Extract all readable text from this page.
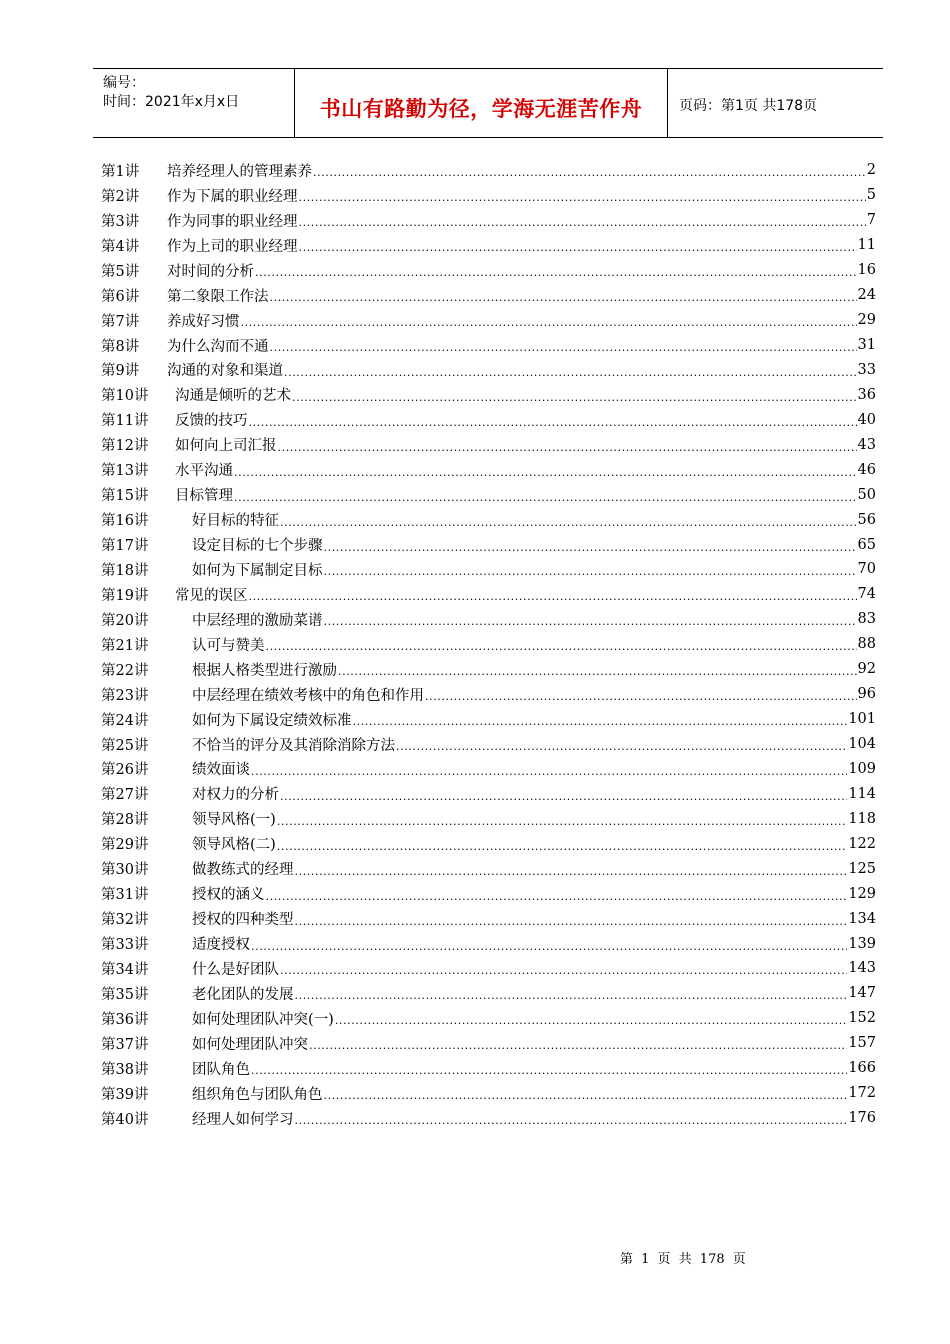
编号：
时间：2021年x月x日	书山有路勤为径，学海无涯苦作舟	页码：第1页 共178页
第1讲	培养经理人的管理素养 .....	2
第2讲	作为下属的职业经理 .....	5
第3讲	作为同事的职业经理 .....	7
第4讲	作为上司的职业经理 .....	11
第5讲	对时间的分析 .....	16
第6讲	第二象限工作法 .....	24
第7讲	养成好习惯 .....	29
第8讲	为什么沟而不通 .....	31
第9讲	沟通的对象和渠道 .....	33
第10讲	沟通是倾听的艺术 .....	36
第11讲	反馈的技巧 .....	40
第12讲	如何向上司汇报 .....	43
第13讲	水平沟通 .....	46
第15讲	目标管理 .....	50
第16讲	好目标的特征 .....	56
第17讲	设定目标的七个步骤 .....	65
第18讲	如何为下属制定目标 .....	70
第19讲	常见的误区 .....	74
第20讲	中层经理的激励菜谱 .....	83
第21讲	认可与赞美 .....	88
第22讲	根据人格类型进行激励 .....	92
第23讲	中层经理在绩效考核中的角色和作用 .....	96
第24讲	如何为下属设定绩效标准 .....	101
第25讲	不恰当的评分及其消除消除方法 .....	104
第26讲	绩效面谈 .....	109
第27讲	对权力的分析 .....	114
第28讲	领导风格(一) .....	118
第29讲	领导风格(二) .....	122
第30讲	做教练式的经理 .....	125
第31讲	授权的涵义 .....	129
第32讲	授权的四种类型 .....	134
第33讲	适度授权 .....	139
第34讲	什么是好团队 .....	143
第35讲	老化团队的发展 .....	147
第36讲	如何处理团队冲突(一) .....	152
第37讲	如何处理团队冲突 .....	157
第38讲	团队角色 .....	166
第39讲	组织角色与团队角色 .....	172
第40讲	经理人如何学习 .....	176
第 1 页 共 178 页
